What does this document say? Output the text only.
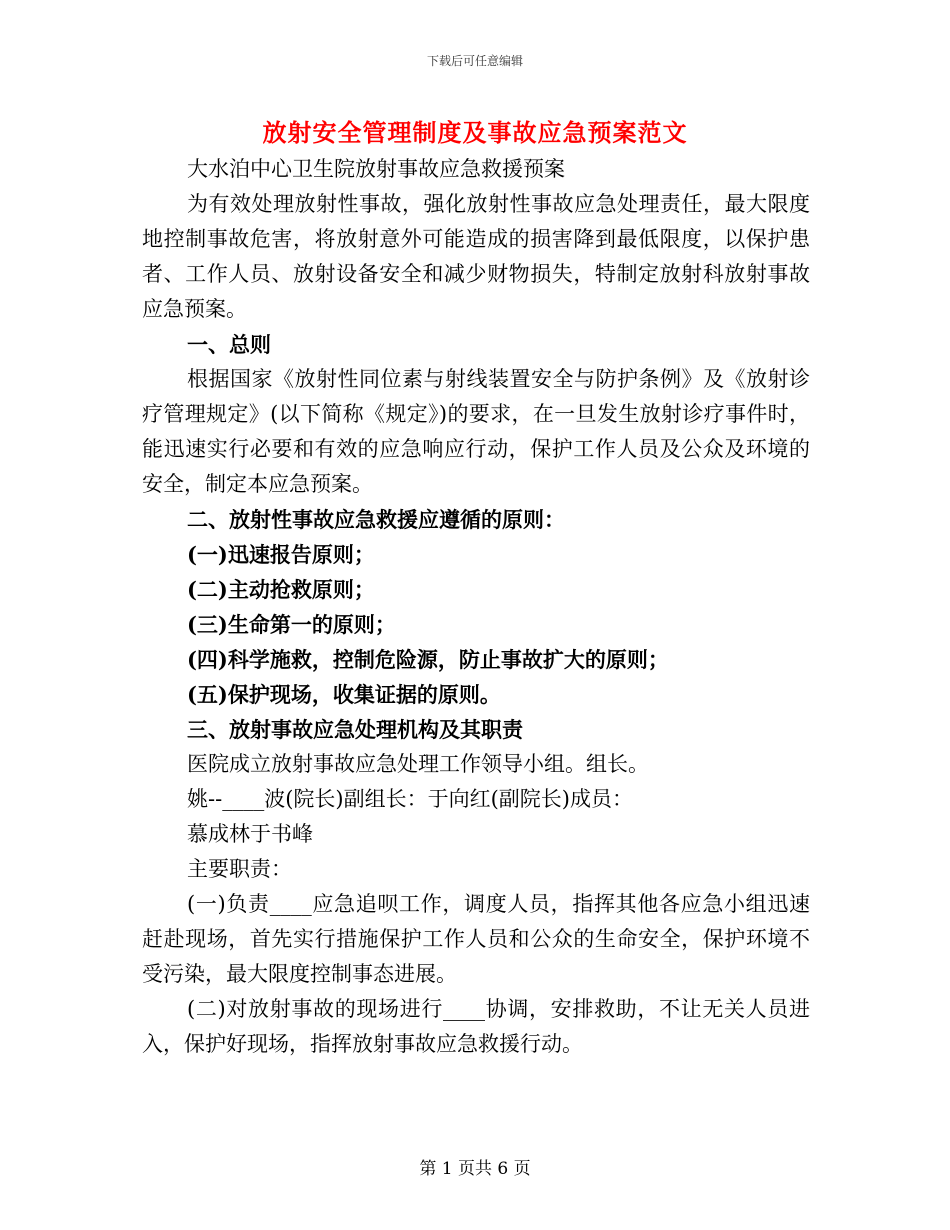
下载后可任意编辑
放射安全管理制度及事故应急预案范文

大水泊中心卫生院放射事故应急救援预案

为有效处理放射性事故，强化放射性事故应急处理责任，最大限度地控制事故危害，将放射意外可能造成的损害降到最低限度，以保护患者、工作人员、放射设备安全和减少财物损失，特制定放射科放射事故应急预案。

一、总则

根据国家《放射性同位素与射线装置安全与防护条例》及《放射诊疗管理规定》(以下简称《规定》)的要求，在一旦发生放射诊疗事件时，能迅速实行必要和有效的应急响应行动，保护工作人员及公众及环境的安全，制定本应急预案。

二、放射性事故应急救援应遵循的原则：

(一)迅速报告原则；

(二)主动抢救原则；

(三)生命第一的原则；

(四)科学施救，控制危险源，防止事故扩大的原则；

(五)保护现场，收集证据的原则。

三、放射事故应急处理机构及其职责

医院成立放射事故应急处理工作领导小组。组长。

姚--____波(院长)副组长：于向红(副院长)成员：

慕成林于书峰

主要职责：

(一)负责____应急追呗工作，调度人员，指挥其他各应急小组迅速赶赴现场，首先实行措施保护工作人员和公众的生命安全，保护环境不受污染，最大限度控制事态进展。

(二)对放射事故的现场进行____协调，安排救助，不让无关人员进入，保护好现场，指挥放射事故应急救援行动。

第 1 页共 6 页
